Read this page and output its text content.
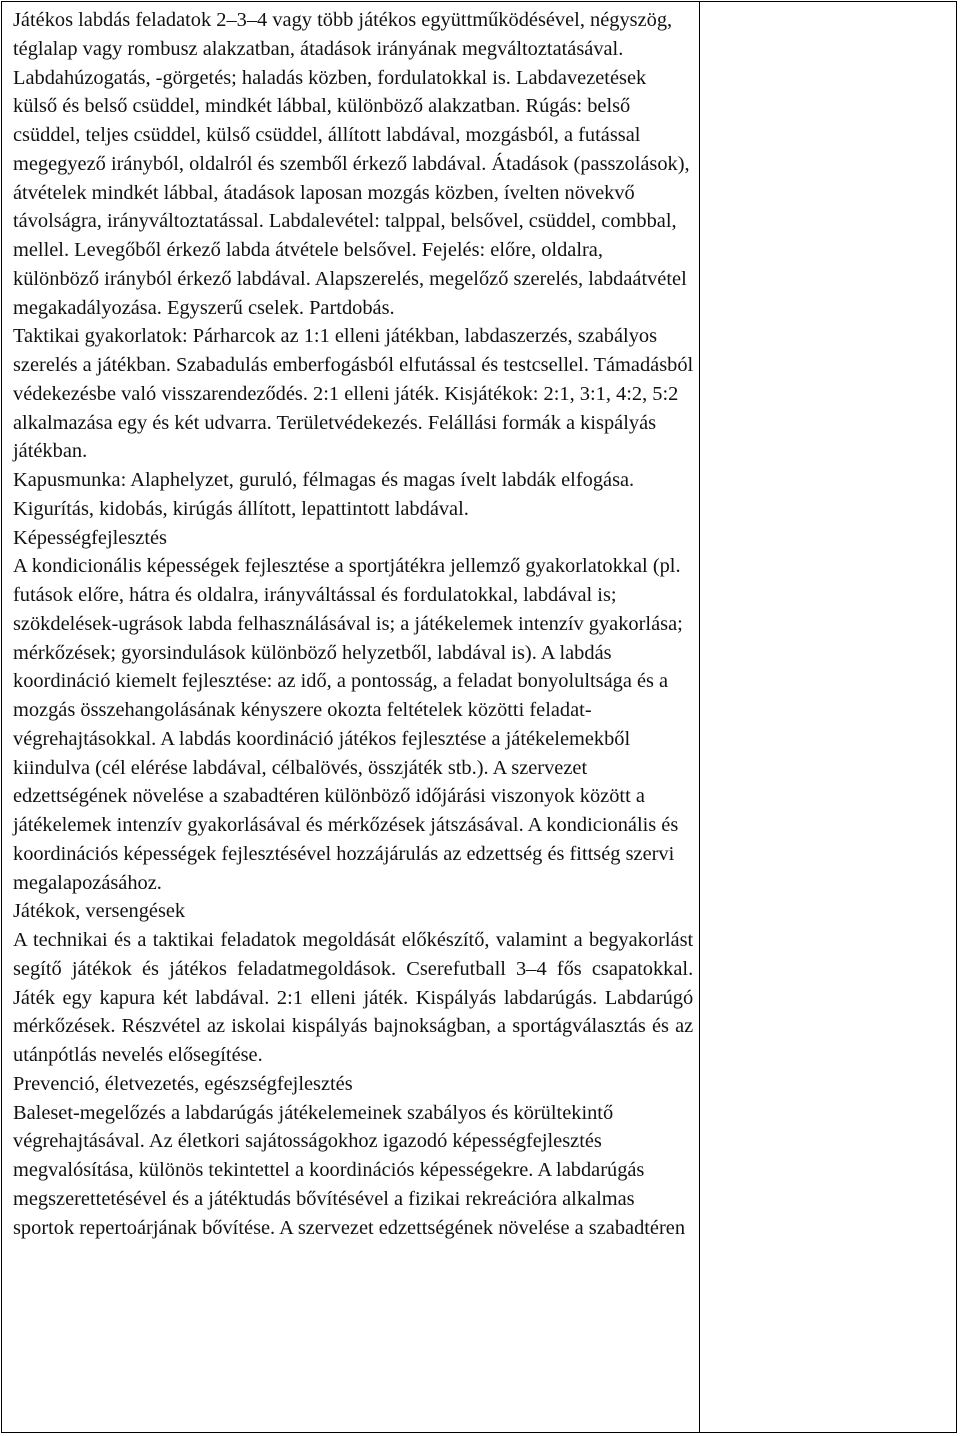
Játékos labdás feladatok 2–3–4 vagy több játékos együttműködésével, négyszög, téglalap vagy rombusz alakzatban, átadások irányának megváltoztatásával. Labdahúzogatás, -görgetés; haladás közben, fordulatokkal is. Labdavezetések külső és belső csüddel, mindkét lábbal, különböző alakzatban. Rúgás: belső csüddel, teljes csüddel, külső csüddel, állított labdával, mozgásból, a futással megegyező irányból, oldalról és szemből érkező labdával. Átadások (passzolások), átvételek mindkét lábbal, átadások laposan mozgás közben, ívelten növekvő távolságra, irányváltoztatással. Labdalevétel: talppal, belsővel, csüddel, combbal, mellel. Levegőből érkező labda átvétele belsővel. Fejelés: előre, oldalra, különböző irányból érkező labdával. Alapszerelés, megelőző szerelés, labdaátvétel megakadályozása. Egyszerű cselek. Partdobás.

Taktikai gyakorlatok: Párharcok az 1:1 elleni játékban, labdaszerzés, szabályos szerelés a játékban. Szabadulás emberfogásból elfutással és testcsellel. Támadásból védekezésbe való visszarendeződés. 2:1 elleni játék. Kisjátékok: 2:1, 3:1, 4:2, 5:2 alkalmazása egy és két udvarra. Területvédekezés. Felállási formák a kispályás játékban.

Kapusmunka: Alaphelyzet, guruló, félmagas és magas ívelt labdák elfogása. Kigurítás, kidobás, kirúgás állított, lepattintott labdával.

Képességfejlesztés

A kondicionális képességek fejlesztése a sportjátékra jellemző gyakorlatokkal (pl. futások előre, hátra és oldalra, irányváltással és fordulatokkal, labdával is; szökdelések-ugrások labda felhasználásával is; a játékelemek intenzív gyakorlása; mérkőzések; gyorsindulások különböző helyzetből, labdával is). A labdás koordináció kiemelt fejlesztése: az idő, a pontosság, a feladat bonyolultsága és a mozgás összehangolásának kényszere okozta feltételek közötti feladat-végrehajtásokkal. A labdás koordináció játékos fejlesztése a játékelemekből kiindulva (cél elérése labdával, célbalövés, összjáték stb.). A szervezet edzettségének növelése a szabadtéren különböző időjárási viszonyok között a játékelemek intenzív gyakorlásával és mérkőzések játszásával. A kondicionális és koordinációs képességek fejlesztésével hozzájárulás az edzettség és fittség szervi megalapozásához.

Játékok, versengések

A technikai és a taktikai feladatok megoldását előkészítő, valamint a begyakorlást segítő játékok és játékos feladatmegoldások. Cserefutball 3–4 fős csapatokkal. Játék egy kapura két labdával. 2:1 elleni játék. Kispályás labdarúgás. Labdarúgó mérkőzések. Részvétel az iskolai kispályás bajnokságban, a sportágválasztás és az utánpótlás nevelés elősegítése.

Prevenció, életvezetés, egészségfejlesztés

Baleset-megelőzés a labdarúgás játékelemeinek szabályos és körültekintő végrehajtásával. Az életkori sajátosságokhoz igazodó képességfejlesztés megvalósítása, különös tekintettel a koordinációs képességekre. A labdarúgás megszerettetésével és a játéktudás bővítésével a fizikai rekreációra alkalmas sportok repertoárjának bővítése. A szervezet edzettségének növelése a szabadtéren
